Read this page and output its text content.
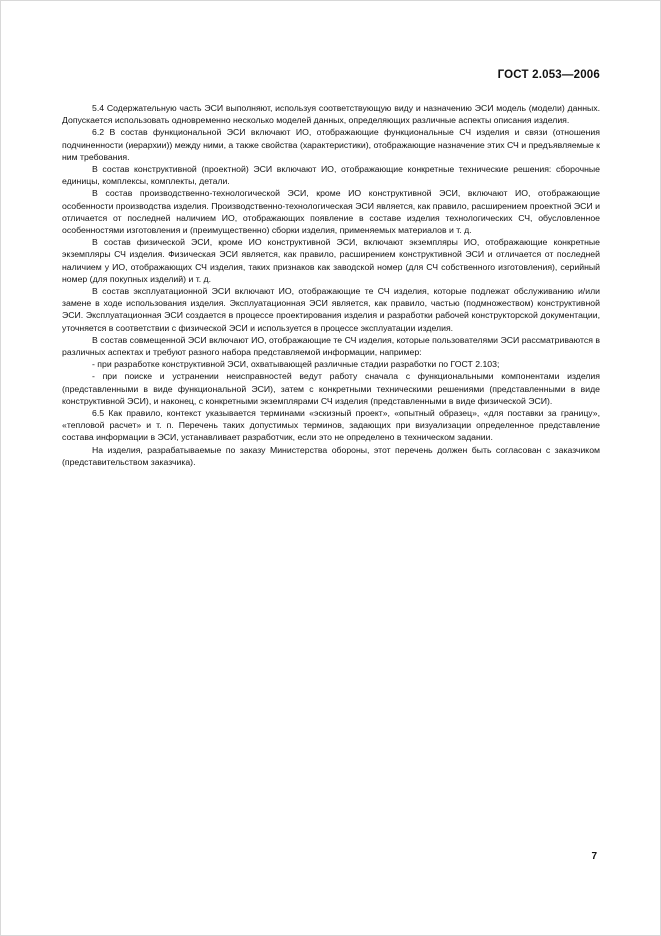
ГОСТ 2.053—2006

5.4 Содержательную часть ЭСИ выполняют, используя соответствующую виду и назначению ЭСИ модель (модели) данных. Допускается использовать одновременно несколько моделей данных, определяющих различные аспекты описания изделия.

6.2 В состав функциональной ЭСИ включают ИО, отображающие функциональные СЧ изделия и связи (отношения подчиненности (иерархии)) между ними, а также свойства (характеристики), отображающие назначение этих СЧ и предъявляемые к ним требования.

В состав конструктивной (проектной) ЭСИ включают ИО, отображающие конкретные технические решения: сборочные единицы, комплексы, комплекты, детали.

В состав производственно-технологической ЭСИ, кроме ИО конструктивной ЭСИ, включают ИО, отображающие особенности производства изделия. Производственно-технологическая ЭСИ является, как правило, расширением проектной ЭСИ и отличается от последней наличием ИО, отображающих появление в составе изделия технологических СЧ, обусловленное особенностями изготовления и (преимущественно) сборки изделия, применяемых материалов и т. д.

В состав физической ЭСИ, кроме ИО конструктивной ЭСИ, включают экземпляры ИО, отображающие конкретные экземпляры СЧ изделия. Физическая ЭСИ является, как правило, расширением конструктивной ЭСИ и отличается от последней наличием у ИО, отображающих СЧ изделия, таких признаков как заводской номер (для СЧ собственного изготовления), серийный номер (для покупных изделий) и т. д.

В состав эксплуатационной ЭСИ включают ИО, отображающие те СЧ изделия, которые подлежат обслуживанию и/или замене в ходе использования изделия. Эксплуатационная ЭСИ является, как правило, частью (подмножеством) конструктивной ЭСИ. Эксплуатационная ЭСИ создается в процессе проектирования изделия и разработки рабочей конструкторской документации, уточняется в соответствии с физической ЭСИ и используется в процессе эксплуатации изделия.

В состав совмещенной ЭСИ включают ИО, отображающие те СЧ изделия, которые пользователями ЭСИ рассматриваются в различных аспектах и требуют разного набора представляемой информации, например:

- при разработке конструктивной ЭСИ, охватывающей различные стадии разработки по ГОСТ 2.103;

- при поиске и устранении неисправностей ведут работу сначала с функциональными компонентами изделия (представленными в виде функциональной ЭСИ), затем с конкретными техническими решениями (представленными в виде конструктивной ЭСИ), и наконец, с конкретными экземплярами СЧ изделия (представленными в виде физической ЭСИ).

6.5 Как правило, контекст указывается терминами «эскизный проект», «опытный образец», «для поставки за границу», «тепловой расчет» и т. п. Перечень таких допустимых терминов, задающих при визуализации определенное представление состава информации в ЭСИ, устанавливает разработчик, если это не определено в техническом задании.

На изделия, разрабатываемые по заказу Министерства обороны, этот перечень должен быть согласован с заказчиком (представительством заказчика).

7
